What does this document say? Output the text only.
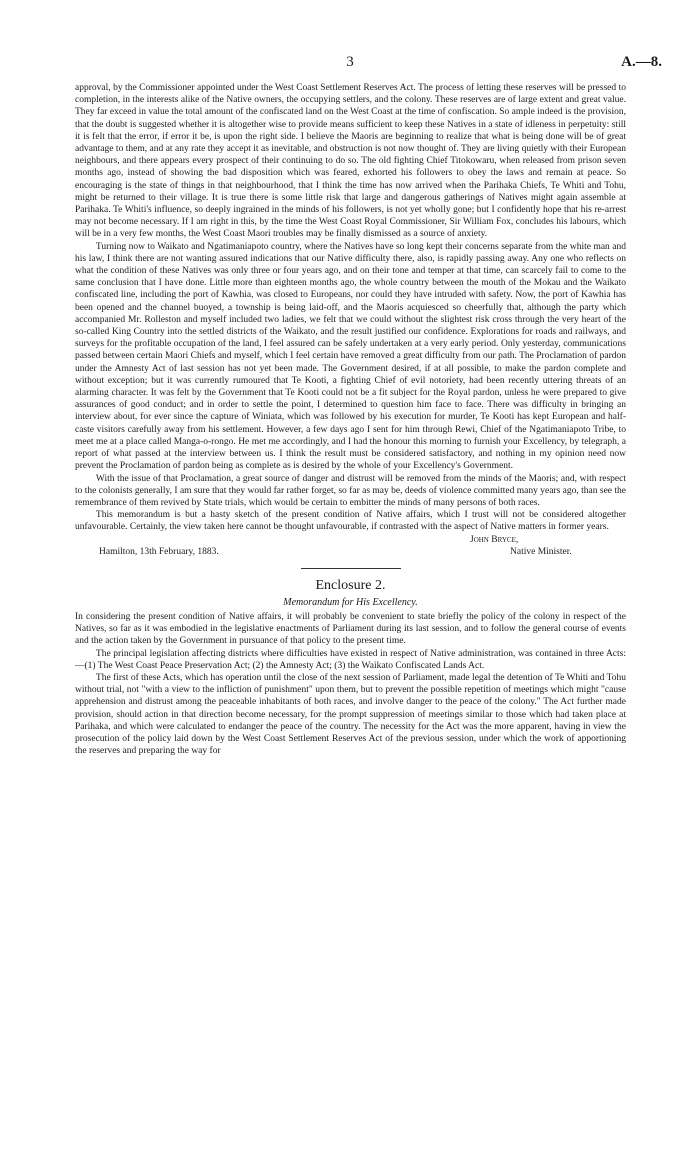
3	A.—8.

approval, by the Commissioner appointed under the West Coast Settlement Reserves Act. The process of letting these reserves will be pressed to completion, in the interests alike of the Native owners, the occupying settlers, and the colony. These reserves are of large extent and great value. They far exceed in value the total amount of the confiscated land on the West Coast at the time of confiscation. So ample indeed is the provision, that the doubt is suggested whether it is altogether wise to provide means sufficient to keep these Natives in a state of idleness in perpetuity: still it is felt that the error, if error it be, is upon the right side. I believe the Maoris are beginning to realize that what is being done will be of great advantage to them, and at any rate they accept it as inevitable, and obstruction is not now thought of. They are living quietly with their European neighbours, and there appears every prospect of their continuing to do so. The old fighting Chief Titokowaru, when released from prison seven months ago, instead of showing the bad disposition which was feared, exhorted his followers to obey the laws and remain at peace. So encouraging is the state of things in that neighbourhood, that I think the time has now arrived when the Parihaka Chiefs, Te Whiti and Tohu, might be returned to their village. It is true there is some little risk that large and dangerous gatherings of Natives might again assemble at Parihaka. Te Whiti's influence, so deeply ingrained in the minds of his followers, is not yet wholly gone; but I confidently hope that his re-arrest may not become necessary. If I am right in this, by the time the West Coast Royal Commissioner, Sir William Fox, concludes his labours, which will be in a very few months, the West Coast Maori troubles may be finally dismissed as a source of anxiety.

Turning now to Waikato and Ngatimaniapoto country, where the Natives have so long kept their concerns separate from the white man and his law, I think there are not wanting assured indications that our Native difficulty there, also, is rapidly passing away. Any one who reflects on what the condition of these Natives was only three or four years ago, and on their tone and temper at that time, can scarcely fail to come to the same conclusion that I have done. Little more than eighteen months ago, the whole country between the mouth of the Mokau and the Waikato confiscated line, including the port of Kawhia, was closed to Europeans, nor could they have intruded with safety. Now, the port of Kawhia has been opened and the channel buoyed, a township is being laid-off, and the Maoris acquiesced so cheerfully that, although the party which accompanied Mr. Rolleston and myself included two ladies, we felt that we could without the slightest risk cross through the very heart of the so-called King Country into the settled districts of the Waikato, and the result justified our confidence. Explorations for roads and railways, and surveys for the profitable occupation of the land, I feel assured can be safely undertaken at a very early period. Only yesterday, communications passed between certain Maori Chiefs and myself, which I feel certain have removed a great difficulty from our path. The Proclamation of pardon under the Amnesty Act of last session has not yet been made. The Government desired, if at all possible, to make the pardon complete and without exception; but it was currently rumoured that Te Kooti, a fighting Chief of evil notoriety, had been recently uttering threats of an alarming character. It was felt by the Government that Te Kooti could not be a fit subject for the Royal pardon, unless he were prepared to give assurances of good conduct; and in order to settle the point, I determined to question him face to face. There was difficulty in bringing an interview about, for ever since the capture of Winiata, which was followed by his execution for murder, Te Kooti has kept European and half-caste visitors carefully away from his settlement. However, a few days ago I sent for him through Rewi, Chief of the Ngatimaniapoto Tribe, to meet me at a place called Manga-o-rongo. He met me accordingly, and I had the honour this morning to furnish your Excellency, by telegraph, a report of what passed at the interview between us. I think the result must be considered satisfactory, and nothing in my opinion need now prevent the Proclamation of pardon being as complete as is desired by the whole of your Excellency's Government.

With the issue of that Proclamation, a great source of danger and distrust will be removed from the minds of the Maoris; and, with respect to the colonists generally, I am sure that they would far rather forget, so far as may be, deeds of violence committed many years ago, than see the remembrance of them revived by State trials, which would be certain to embitter the minds of many persons of both races.

This memorandum is but a hasty sketch of the present condition of Native affairs, which I trust will not be considered altogether unfavourable. Certainly, the view taken here cannot be thought unfavourable, if contrasted with the aspect of Native matters in former years.

John Bryce,
Hamilton, 13th February, 1883.	Native Minister.
Enclosure 2.
Memorandum for His Excellency.

In considering the present condition of Native affairs, it will probably be convenient to state briefly the policy of the colony in respect of the Natives, so far as it was embodied in the legislative enactments of Parliament during its last session, and to follow the general course of events and the action taken by the Government in pursuance of that policy to the present time.

The principal legislation affecting districts where difficulties have existed in respect of Native administration, was contained in three Acts:—(1) The West Coast Peace Preservation Act; (2) the Amnesty Act; (3) the Waikato Confiscated Lands Act.

The first of these Acts, which has operation until the close of the next session of Parliament, made legal the detention of Te Whiti and Tohu without trial, not "with a view to the infliction of punishment" upon them, but to prevent the possible repetition of meetings which might "cause apprehension and distrust among the peaceable inhabitants of both races, and involve danger to the peace of the colony." The Act further made provision, should action in that direction become necessary, for the prompt suppression of meetings similar to those which had taken place at Parihaka, and which were calculated to endanger the peace of the country. The necessity for the Act was the more apparent, having in view the prosecution of the policy laid down by the West Coast Settlement Reserves Act of the previous session, under which the work of apportioning the reserves and preparing the way for
